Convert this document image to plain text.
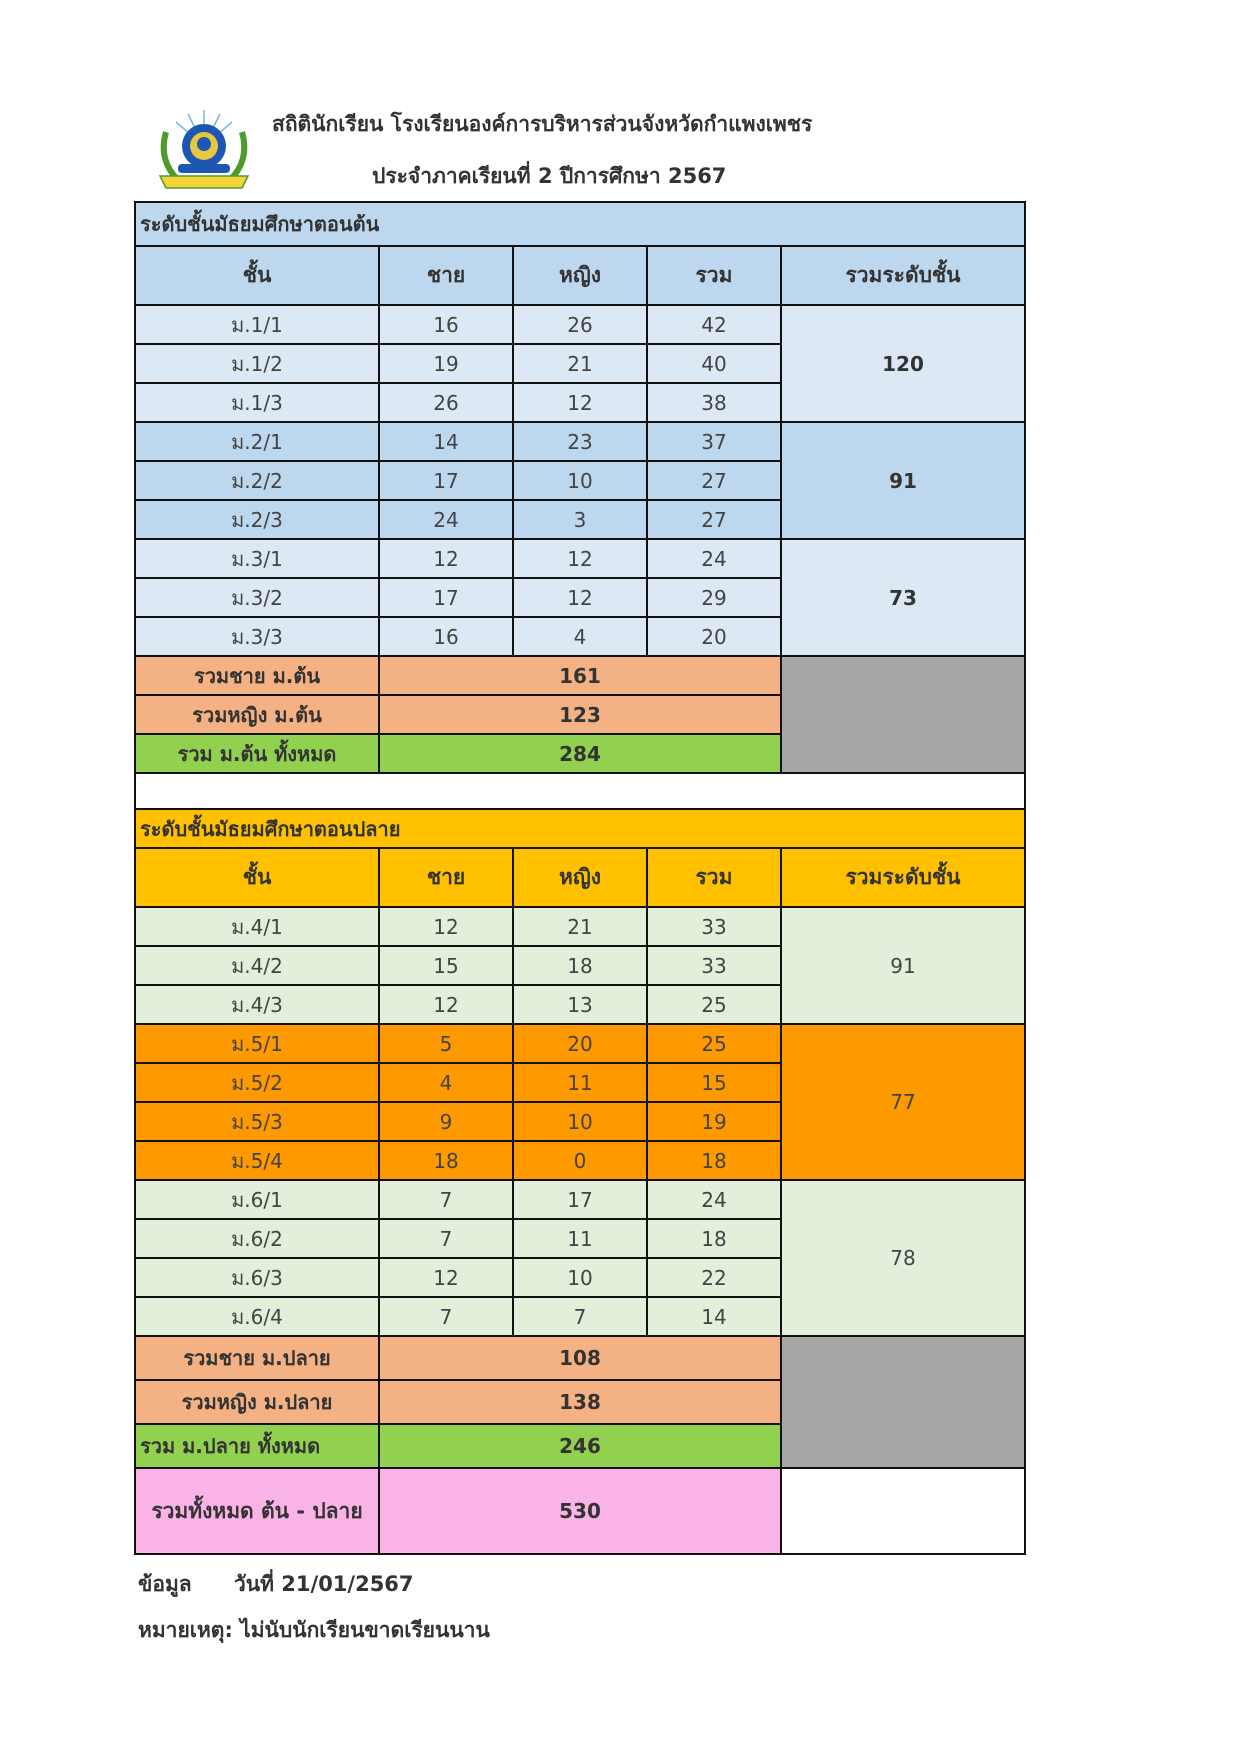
สถิตินักเรียน โรงเรียนองค์การบริหารส่วนจังหวัดกำแพงเพชร
ประจำภาคเรียนที่ 2 ปีการศึกษา 2567
ระดับชั้นมัธยมศึกษาตอนต้น				
ชั้น	ชาย	หญิง	รวม	รวมระดับชั้น
ม.1/1	16	26	42	120
ม.1/2	19	21	40	
ม.1/3	26	12	38	
ม.2/1	14	23	37	91
ม.2/2	17	10	27	
ม.2/3	24	3	27	
ม.3/1	12	12	24	73
ม.3/2	17	12	29	
ม.3/3	16	4	20	
รวมชาย ม.ต้น	161			
รวมหญิง ม.ต้น	123			
รวม ม.ต้น ทั้งหมด	284			

ระดับชั้นมัธยมศึกษาตอนปลาย				
ชั้น	ชาย	หญิง	รวม	รวมระดับชั้น
ม.4/1	12	21	33	91
ม.4/2	15	18	33	
ม.4/3	12	13	25	
ม.5/1	5	20	25	77
ม.5/2	4	11	15	
ม.5/3	9	10	19	
ม.5/4	18	0	18	
ม.6/1	7	17	24	78
ม.6/2	7	11	18	
ม.6/3	12	10	22	
ม.6/4	7	7	14	
รวมชาย ม.ปลาย	108			
รวมหญิง ม.ปลาย	138			
รวม ม.ปลาย ทั้งหมด	246			
รวมทั้งหมด ต้น - ปลาย	530			
ข้อมูล วันที่ 21/01/2567
หมายเหตุ: ไม่นับนักเรียนขาดเรียนนาน
